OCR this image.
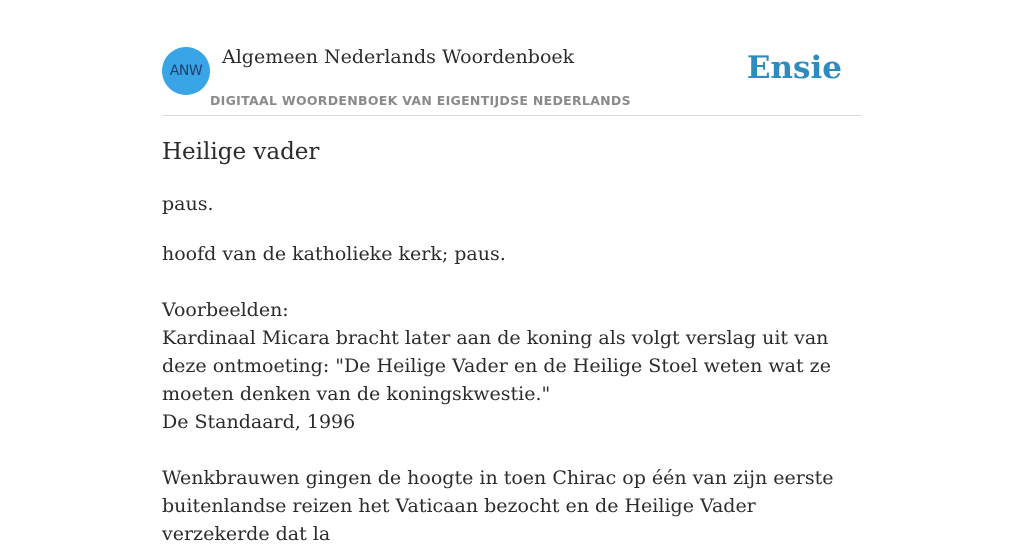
ANW
Algemeen Nederlands Woordenboek
DIGITAAL WOORDENBOEK VAN EIGENTIJDSE NEDERLANDS
Ensie
Heilige vader
paus.

hoofd van de katholieke kerk; paus.

Voorbeelden:

Kardinaal Micara bracht later aan de koning als volgt verslag uit van deze ontmoeting: "De Heilige Vader en de Heilige Stoel weten wat ze moeten denken van de koningskwestie."

De Standaard, 1996

Wenkbrauwen gingen de hoogte in toen Chirac op één van zijn eerste buitenlandse reizen het Vaticaan bezocht en de Heilige Vader verzekerde dat la
